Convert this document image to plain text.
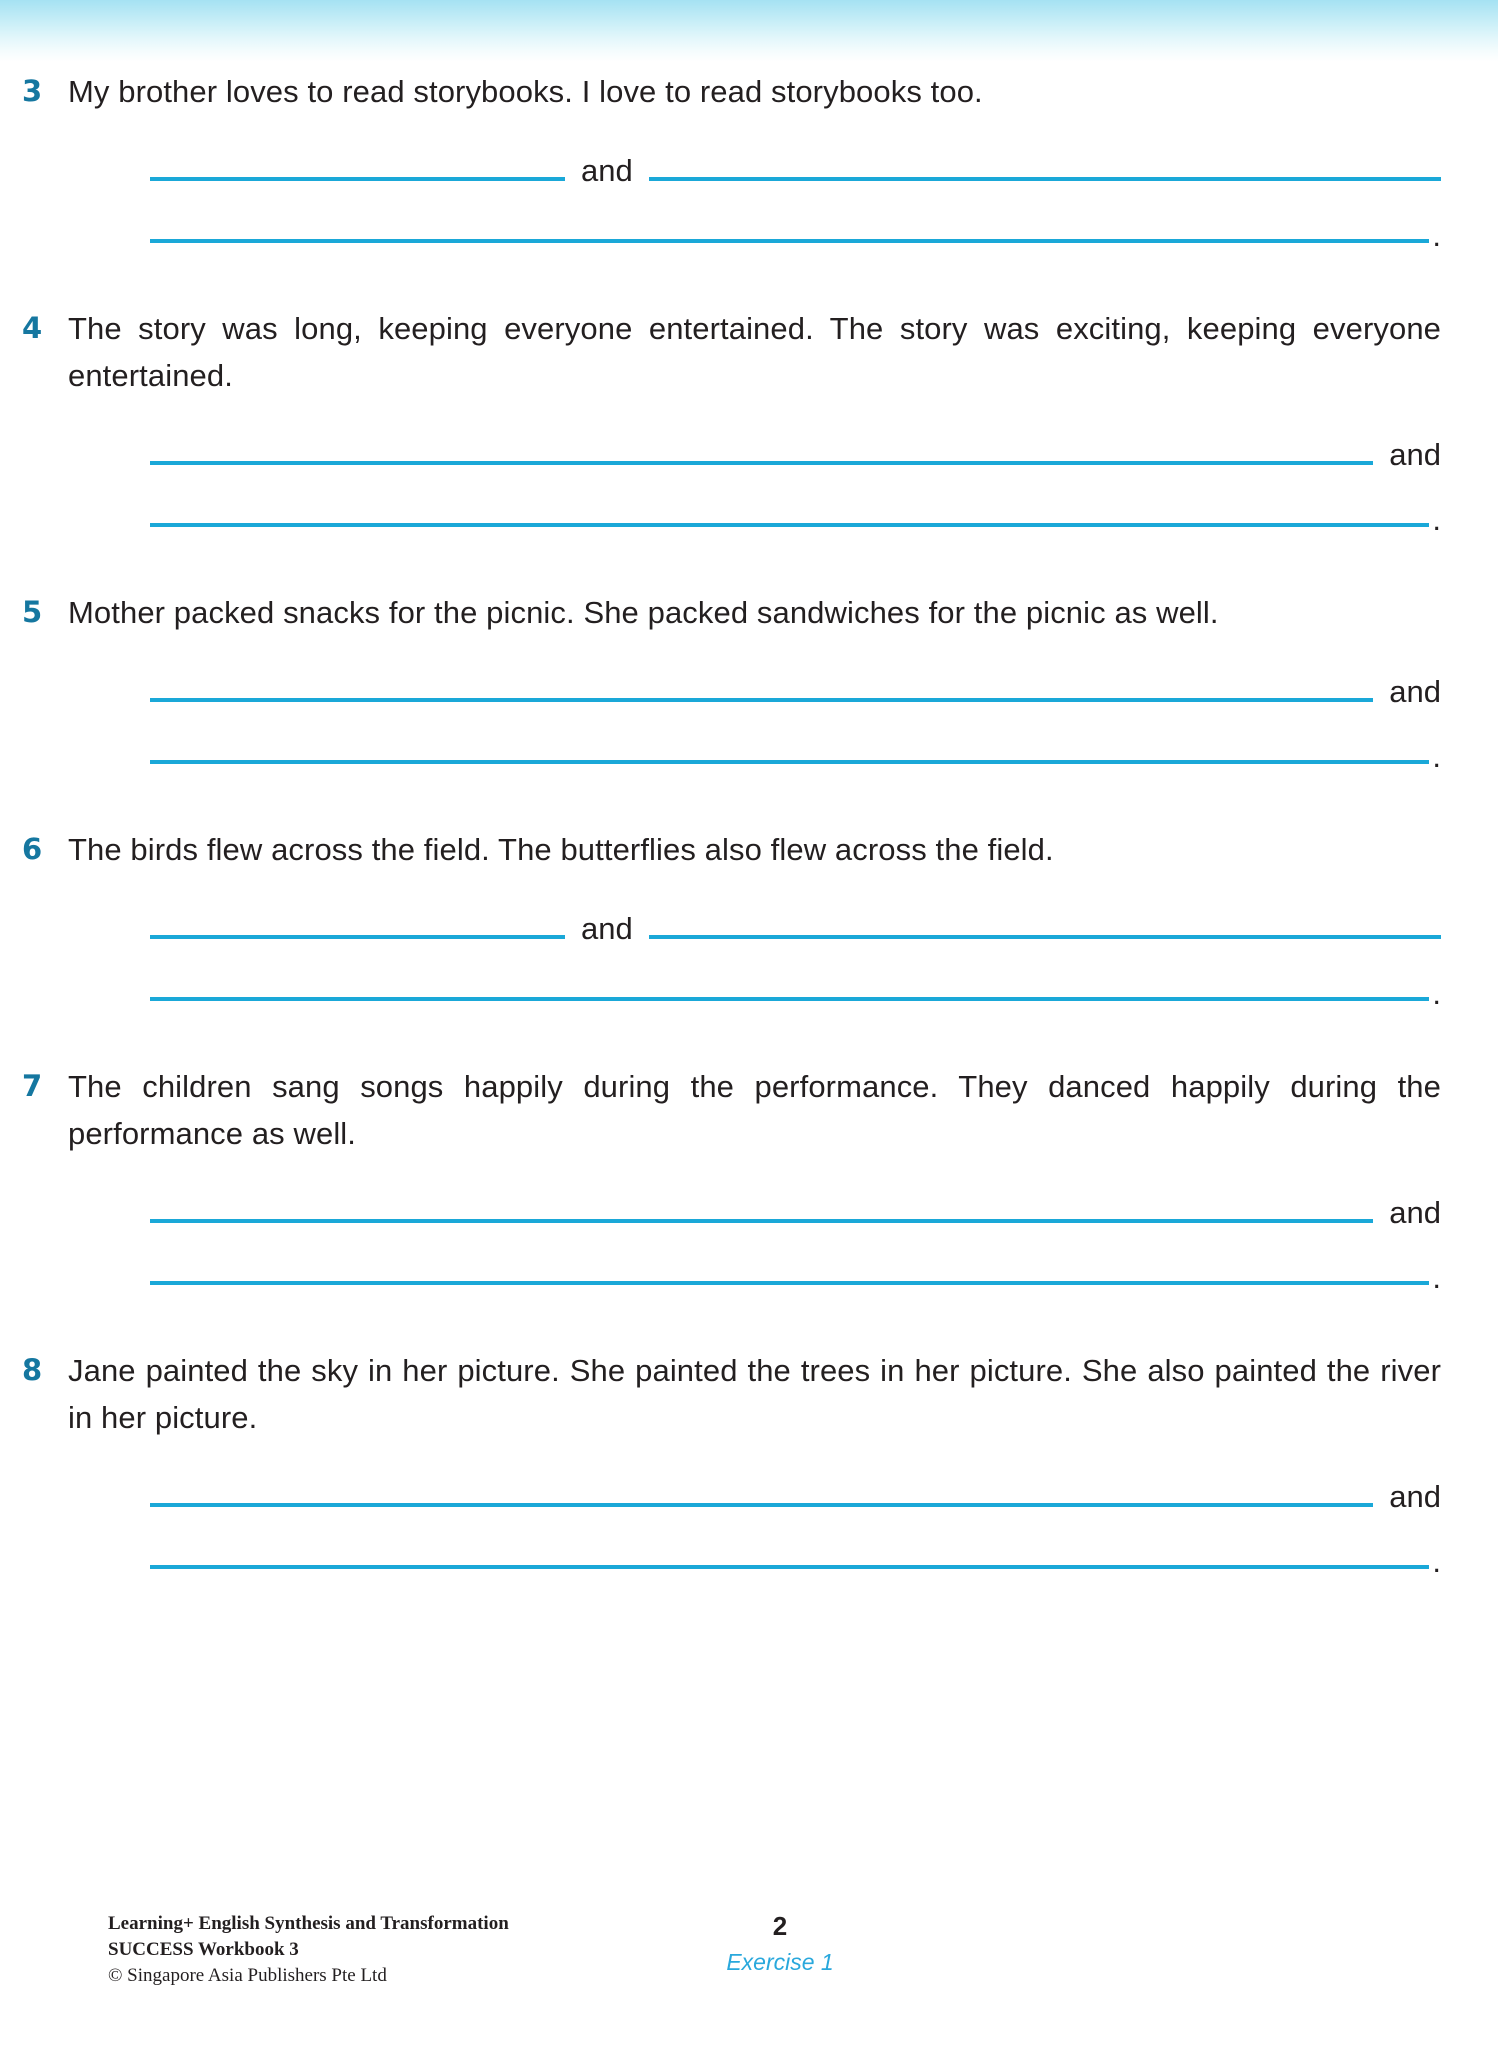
3 My brother loves to read storybooks. I love to read storybooks too.
and
.
4 The story was long, keeping everyone entertained. The story was exciting, keeping everyone entertained.
and
.
5 Mother packed snacks for the picnic. She packed sandwiches for the picnic as well.
and
.
6 The birds flew across the field. The butterflies also flew across the field.
and
.
7 The children sang songs happily during the performance. They danced happily during the performance as well.
and
.
8 Jane painted the sky in her picture. She painted the trees in her picture. She also painted the river in her picture.
and
.
Learning+ English Synthesis and Transformation
SUCCESS Workbook 3
© Singapore Asia Publishers Pte Ltd
2
Exercise 1
